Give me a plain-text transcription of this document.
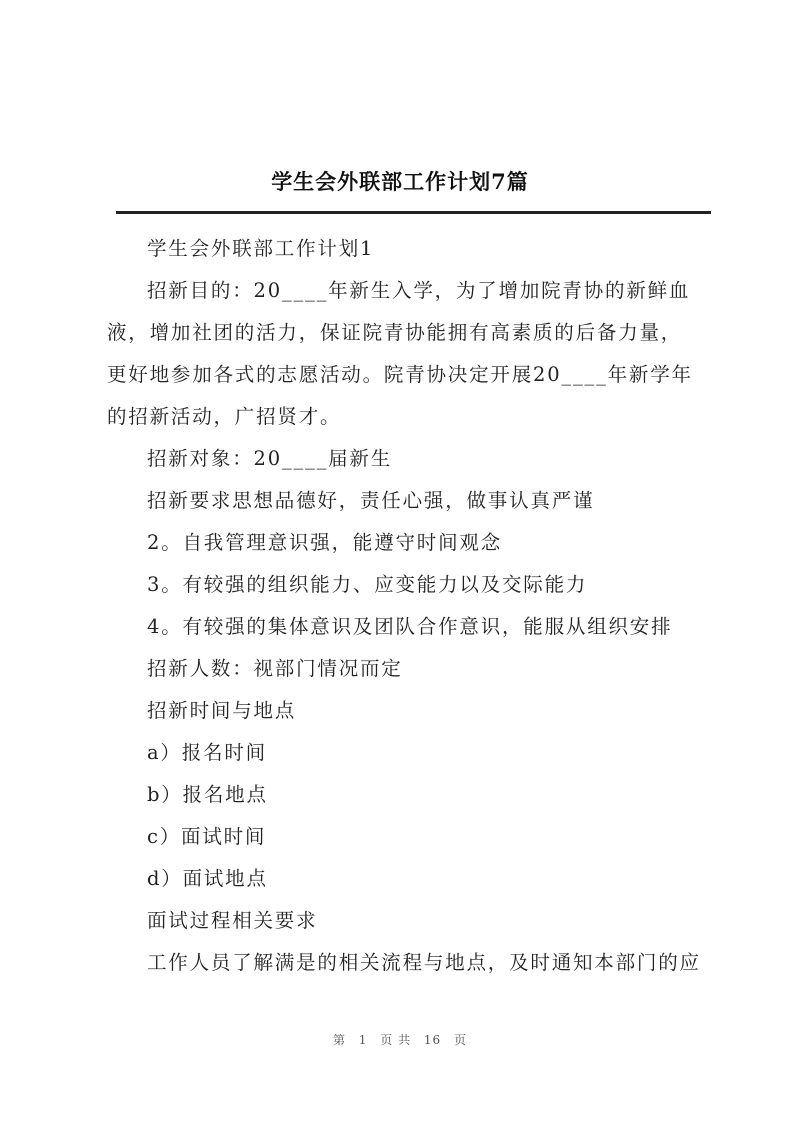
学生会外联部工作计划7篇

学生会外联部工作计划1

招新目的：20____年新生入学，为了增加院青协的新鲜血液，增加社团的活力，保证院青协能拥有高素质的后备力量，更好地参加各式的志愿活动。院青协决定开展20____年新学年的招新活动，广招贤才。

招新对象：20____届新生

招新要求思想品德好，责任心强，做事认真严谨

2。自我管理意识强，能遵守时间观念

3。有较强的组织能力、应变能力以及交际能力

4。有较强的集体意识及团队合作意识，能服从组织安排

招新人数：视部门情况而定

招新时间与地点

a）报名时间

b）报名地点

c）面试时间

d）面试地点

面试过程相关要求

工作人员了解满是的相关流程与地点，及时通知本部门的应

第 1 页 共 16 页
